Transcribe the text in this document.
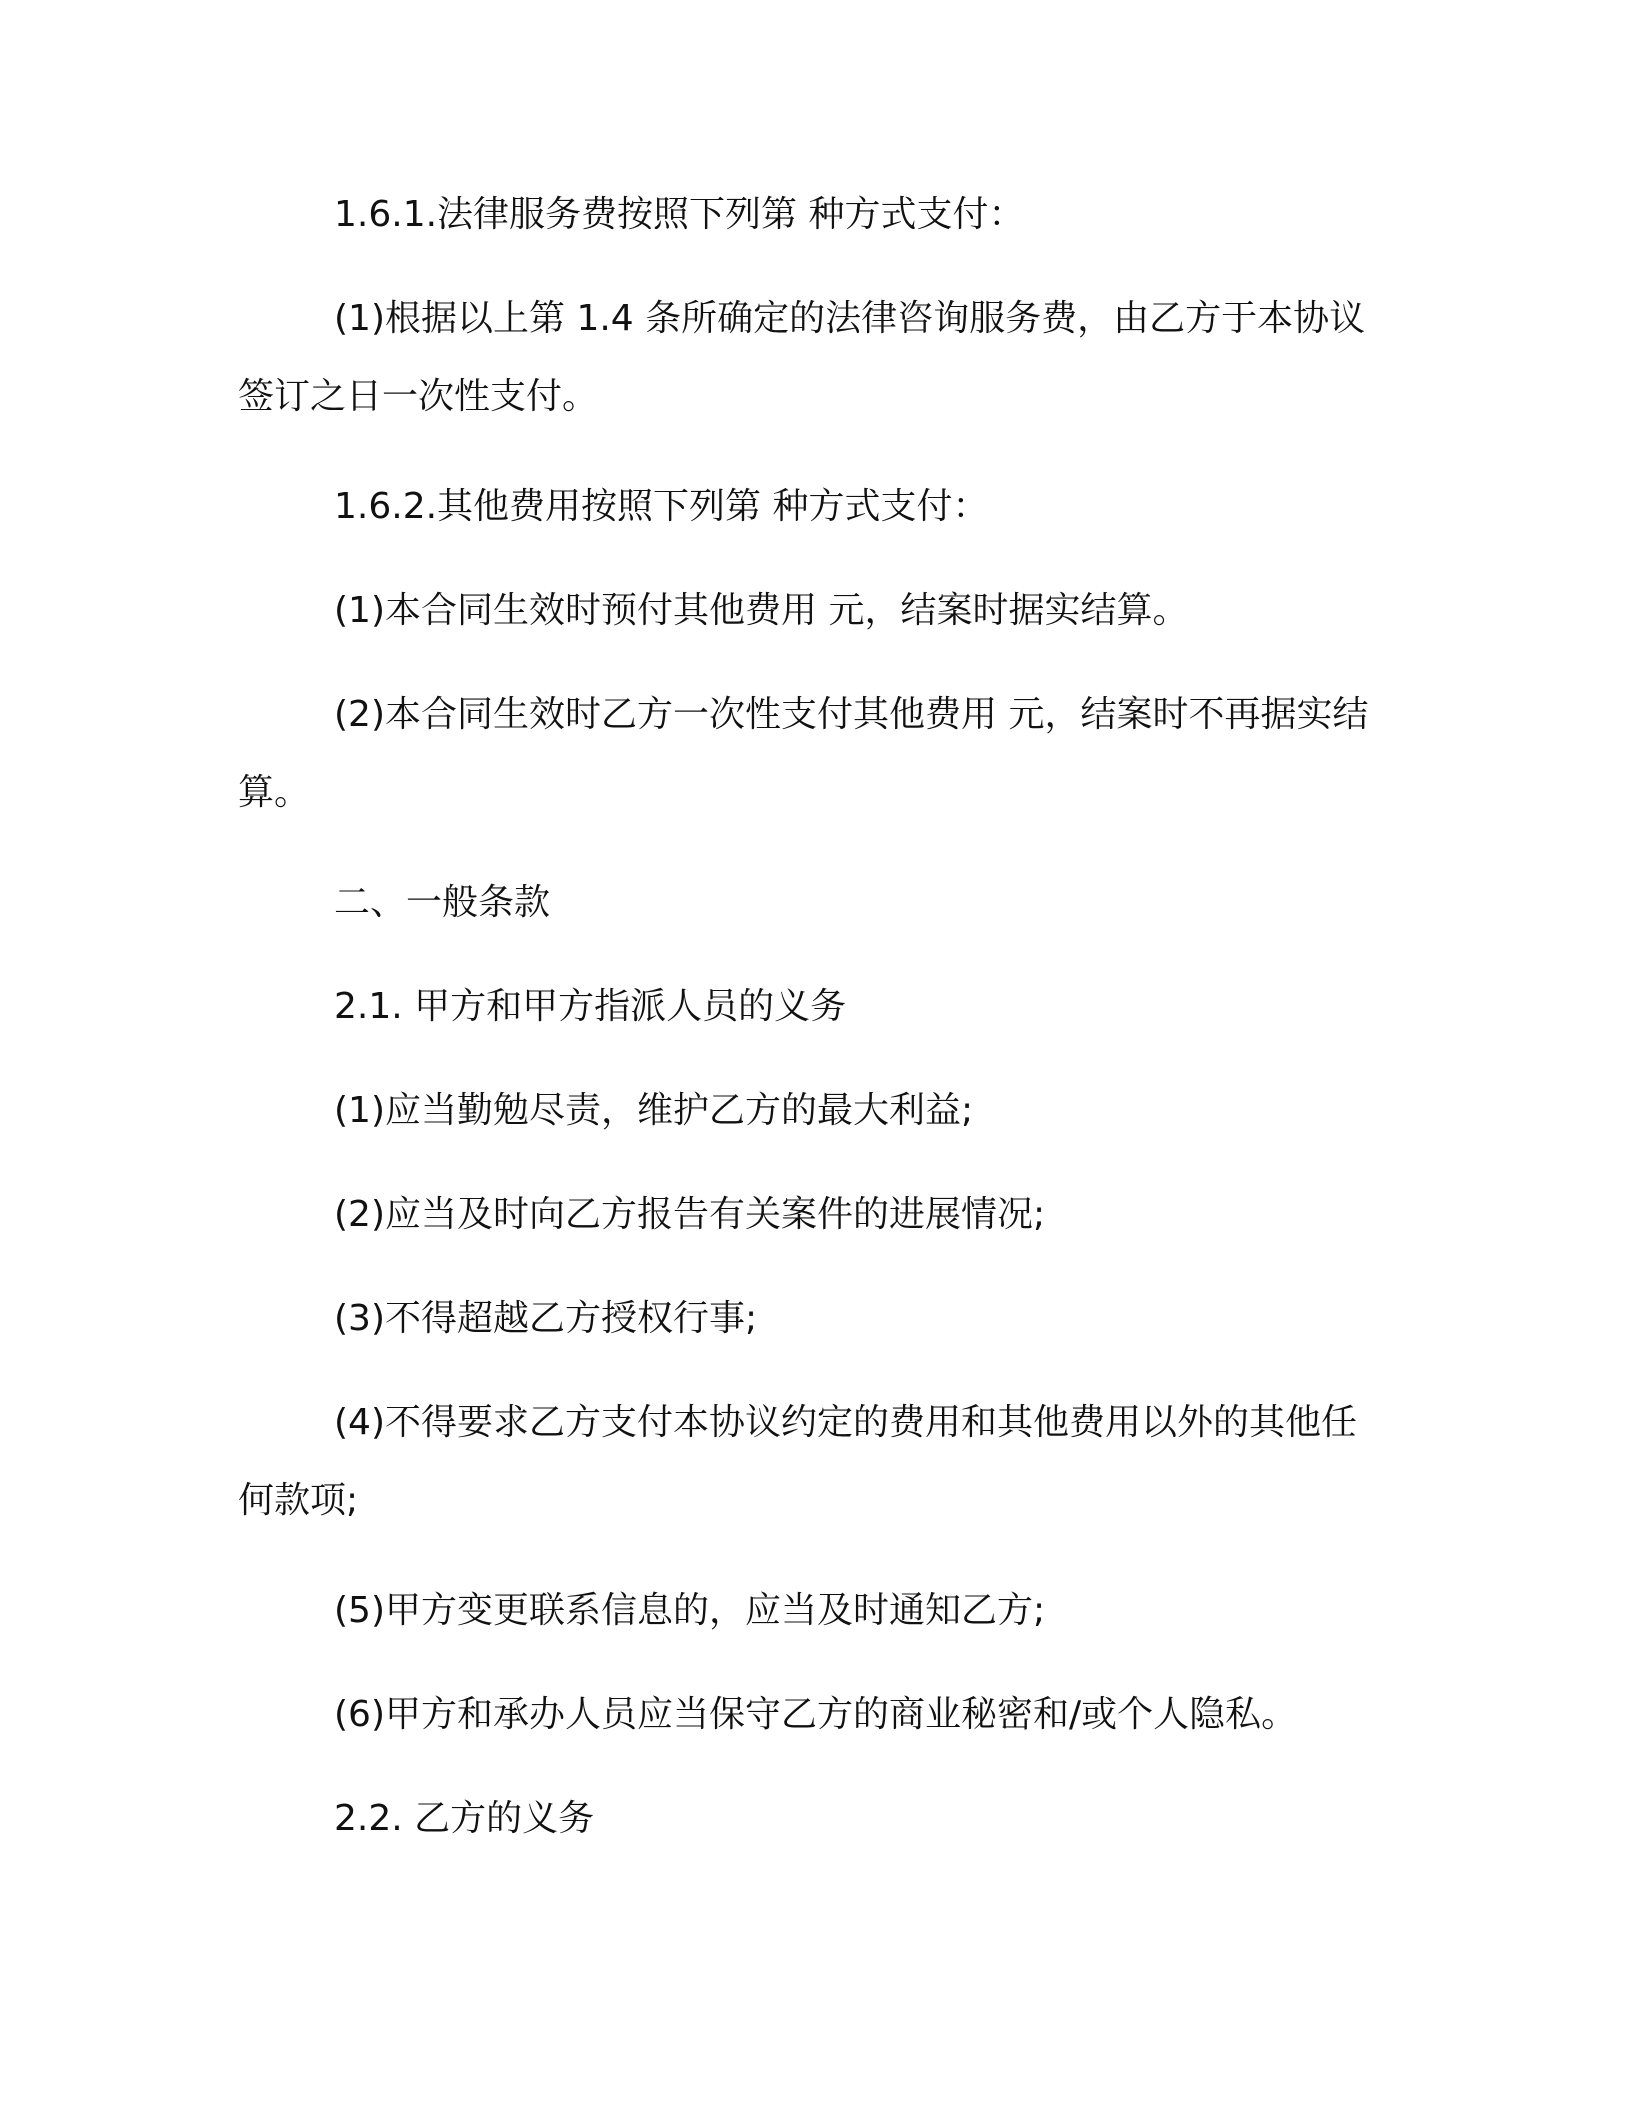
1.6.1.法律服务费按照下列第 种方式支付：

(1)根据以上第 1.4 条所确定的法律咨询服务费，由乙方于本协议签订之日一次性支付。

1.6.2.其他费用按照下列第 种方式支付：

(1)本合同生效时预付其他费用 元，结案时据实结算。

(2)本合同生效时乙方一次性支付其他费用 元，结案时不再据实结算。

二、一般条款

2.1. 甲方和甲方指派人员的义务

(1)应当勤勉尽责，维护乙方的最大利益;

(2)应当及时向乙方报告有关案件的进展情况;

(3)不得超越乙方授权行事;

(4)不得要求乙方支付本协议约定的费用和其他费用以外的其他任何款项;

(5)甲方变更联系信息的，应当及时通知乙方;

(6)甲方和承办人员应当保守乙方的商业秘密和/或个人隐私。

2.2. 乙方的义务
